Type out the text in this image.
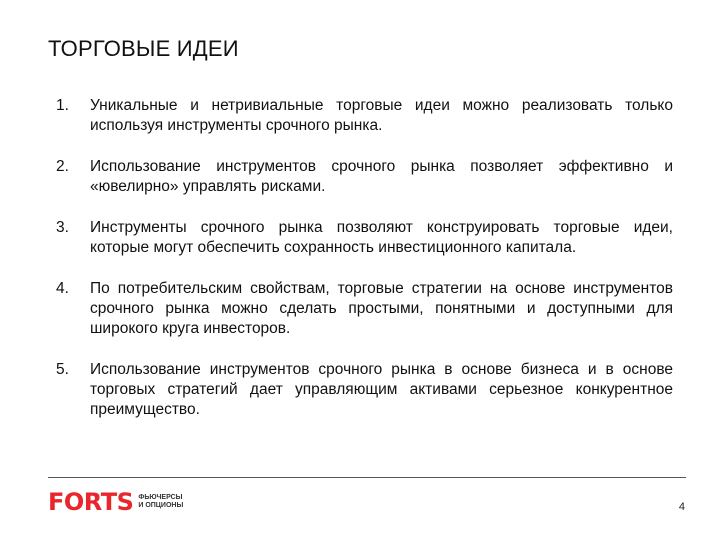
ТОРГОВЫЕ ИДЕИ
1. Уникальные и нетривиальные торговые идеи можно реализовать только используя инструменты срочного рынка.
2. Использование инструментов срочного рынка позволяет эффективно и «ювелирно» управлять рисками.
3. Инструменты срочного рынка позволяют конструировать торговые идеи, которые могут обеспечить сохранность инвестиционного капитала.
4. По потребительским свойствам, торговые стратегии на основе инструментов срочного рынка можно сделать простыми, понятными и доступными для широкого круга инвесторов.
5. Использование инструментов срочного рынка в основе бизнеса и в основе торговых стратегий дает управляющим активами серьезное конкурентное преимущество.
FORTS ФЬЮЧЕРСЫ
И ОПЦИОНЫ	4
